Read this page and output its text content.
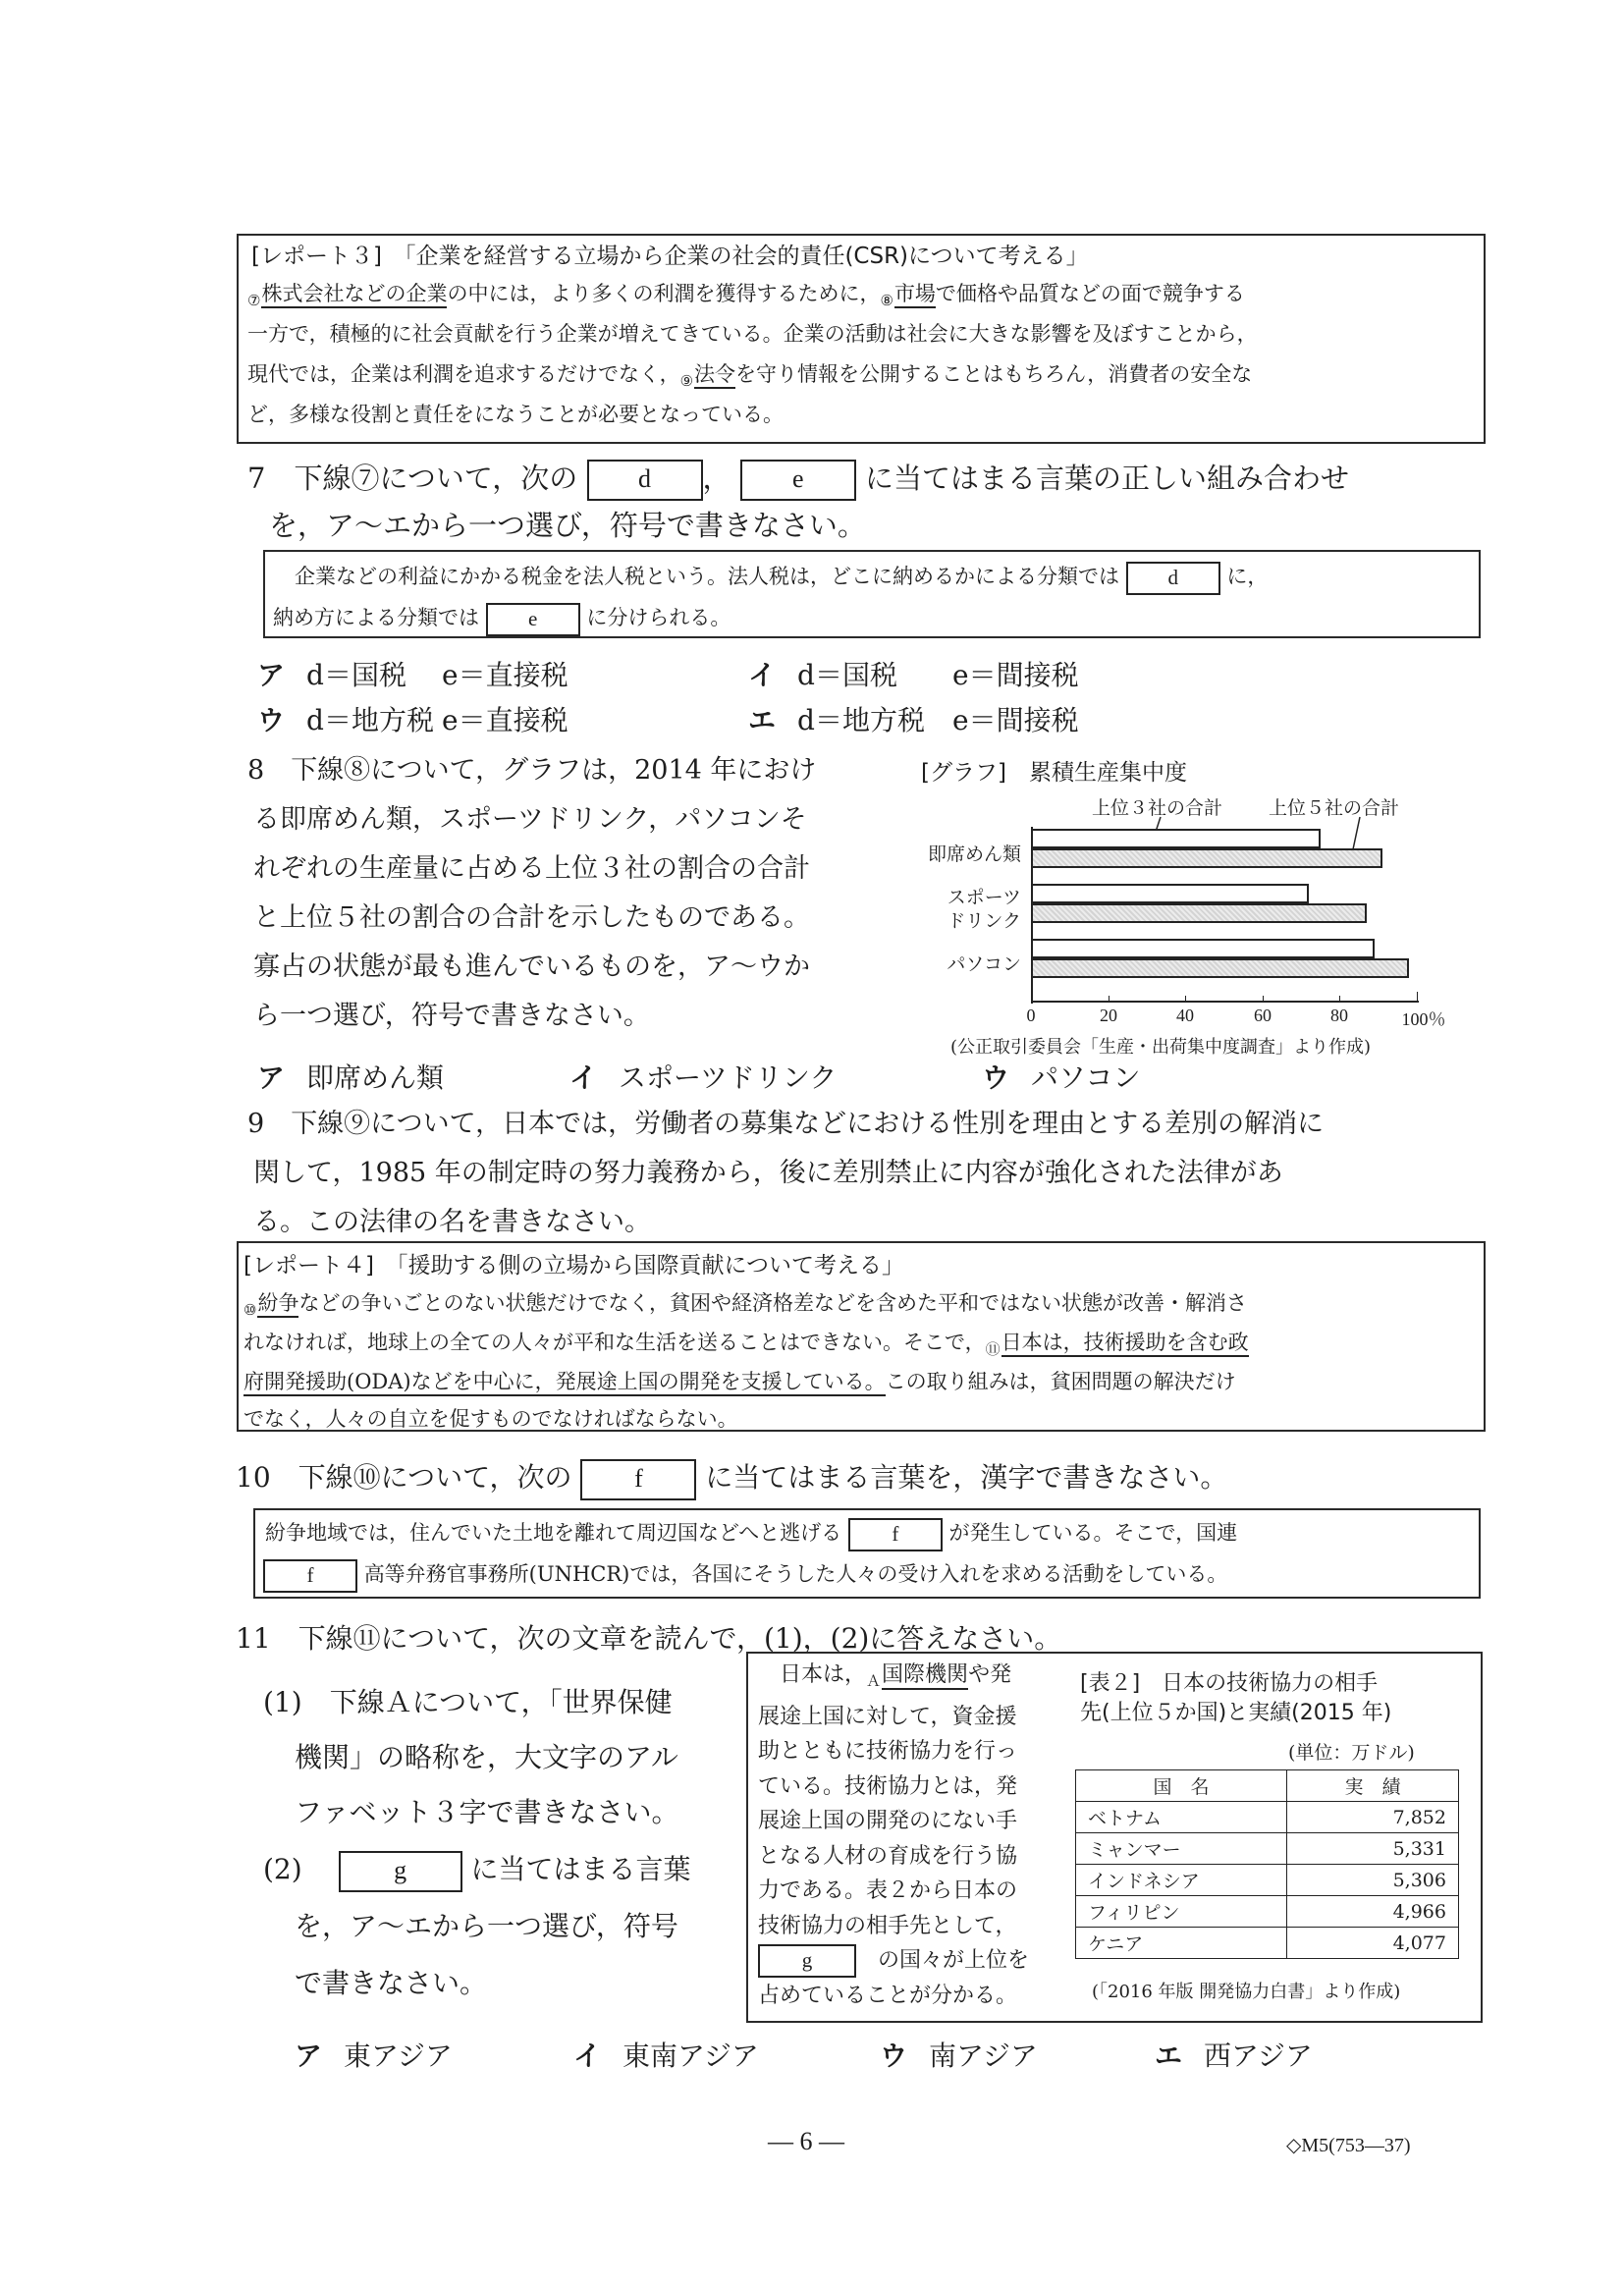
[レポート３]　「企業を経営する立場から企業の社会的責任(CSR)について考える」
$_⑦$株式会社などの企業の中には，より多くの利潤を獲得するために，$_⑧$市場で価格や品質などの面で競争する
一方で，積極的に社会貢献を行う企業が増えてきている。企業の活動は社会に大きな影響を及ぼすことから，
現代では，企業は利潤を追求するだけでなく，$_⑨$法令を守り情報を公開することはもちろん，消費者の安全な
ど，多様な役割と責任をになうことが必要となっている。
7　 下線⑦について，次の d ， e に当てはまる言葉の正しい組み合わせ
を，ア～エから一つ選び，符号で書きなさい。
企業などの利益にかかる税金を法人税という。法人税は，どこに納めるかによる分類では d に，
納め方による分類では e に分けられる。
ア d＝国税　 e＝直接税	イ d＝国税　 e＝間接税
ウ d＝地方税　 e＝直接税	エ d＝地方税　 e＝間接税
8　 下線⑧について，グラフは，2014 年におけ
る即席めん類，スポーツドリンク，パソコンそ
れぞれの生産量に占める上位３社の割合の合計
と上位５社の割合の合計を示したものである。
寡占の状態が最も進んでいるものを，ア～ウか
ら一つ選び，符号で書きなさい。
[グラフ]　累積生産集中度
上位３社の合計 上位５社の合計
即席めん類
スポーツ
ドリンク
パソコン
0	20	40	60	80	100％
(公正取引委員会「生産・出荷集中度調査」より作成)
ア 即席めん類	イ スポーツドリンク	ウ パソコン
9　 下線⑨について，日本では，労働者の募集などにおける性別を理由とする差別の解消に
関して，1985 年の制定時の努力義務から，後に差別禁止に内容が強化された法律があ
る。この法律の名を書きなさい。
[レポート４]　「援助する側の立場から国際貢献について考える」
$_⑩$紛争などの争いごとのない状態だけでなく，貧困や経済格差などを含めた平和ではない状態が改善・解消さ
れなければ，地球上の全ての人々が平和な生活を送ることはできない。そこで，$_⑪$日本は，技術援助を含む政
府開発援助(ODA)などを中心に，発展途上国の開発を支援している。この取り組みは，貧困問題の解決だけ
でなく，人々の自立を促すものでなければならない。
10　 下線⑩について，次の f に当てはまる言葉を，漢字で書きなさい。
紛争地域では，住んでいた土地を離れて周辺国などへと逃げる f が発生している。そこで，国連
f 高等弁務官事務所(UNHCR)では，各国にそうした人々の受け入れを求める活動をしている。
11　 下線⑪について，次の文章を読んで，(1)，(2)に答えなさい。
(1)　 下線Ａについて，「世界保健
機関」の略称を，大文字のアル
ファベット３字で書きなさい。
(2)　	g に当てはまる言葉
を，ア～エから一つ選び，符号
で書きなさい。
　日本は，$_A$国際機関や発
展途上国に対して，資金援
助とともに技術協力を行っ
ている。技術協力とは，発
展途上国の開発のにない手
となる人材の育成を行う協
力である。表２から日本の
技術協力の相手先として，
g　	の国々が上位を
占めていることが分かる。
[表２]　日本の技術協力の相手
先(上位５か国)と実績(2015 年)
(単位：万ドル)
国　名	実　績
ベトナム	7,852
ミャンマー	5,331
インドネシア	5,306
フィリピン	4,966
ケニア	4,077
(「2016 年版 開発協力白書」より作成)
ア 東アジア	イ 東南アジア	ウ 南アジア	エ 西アジア
― 6 ―	◇M5(753―37)
